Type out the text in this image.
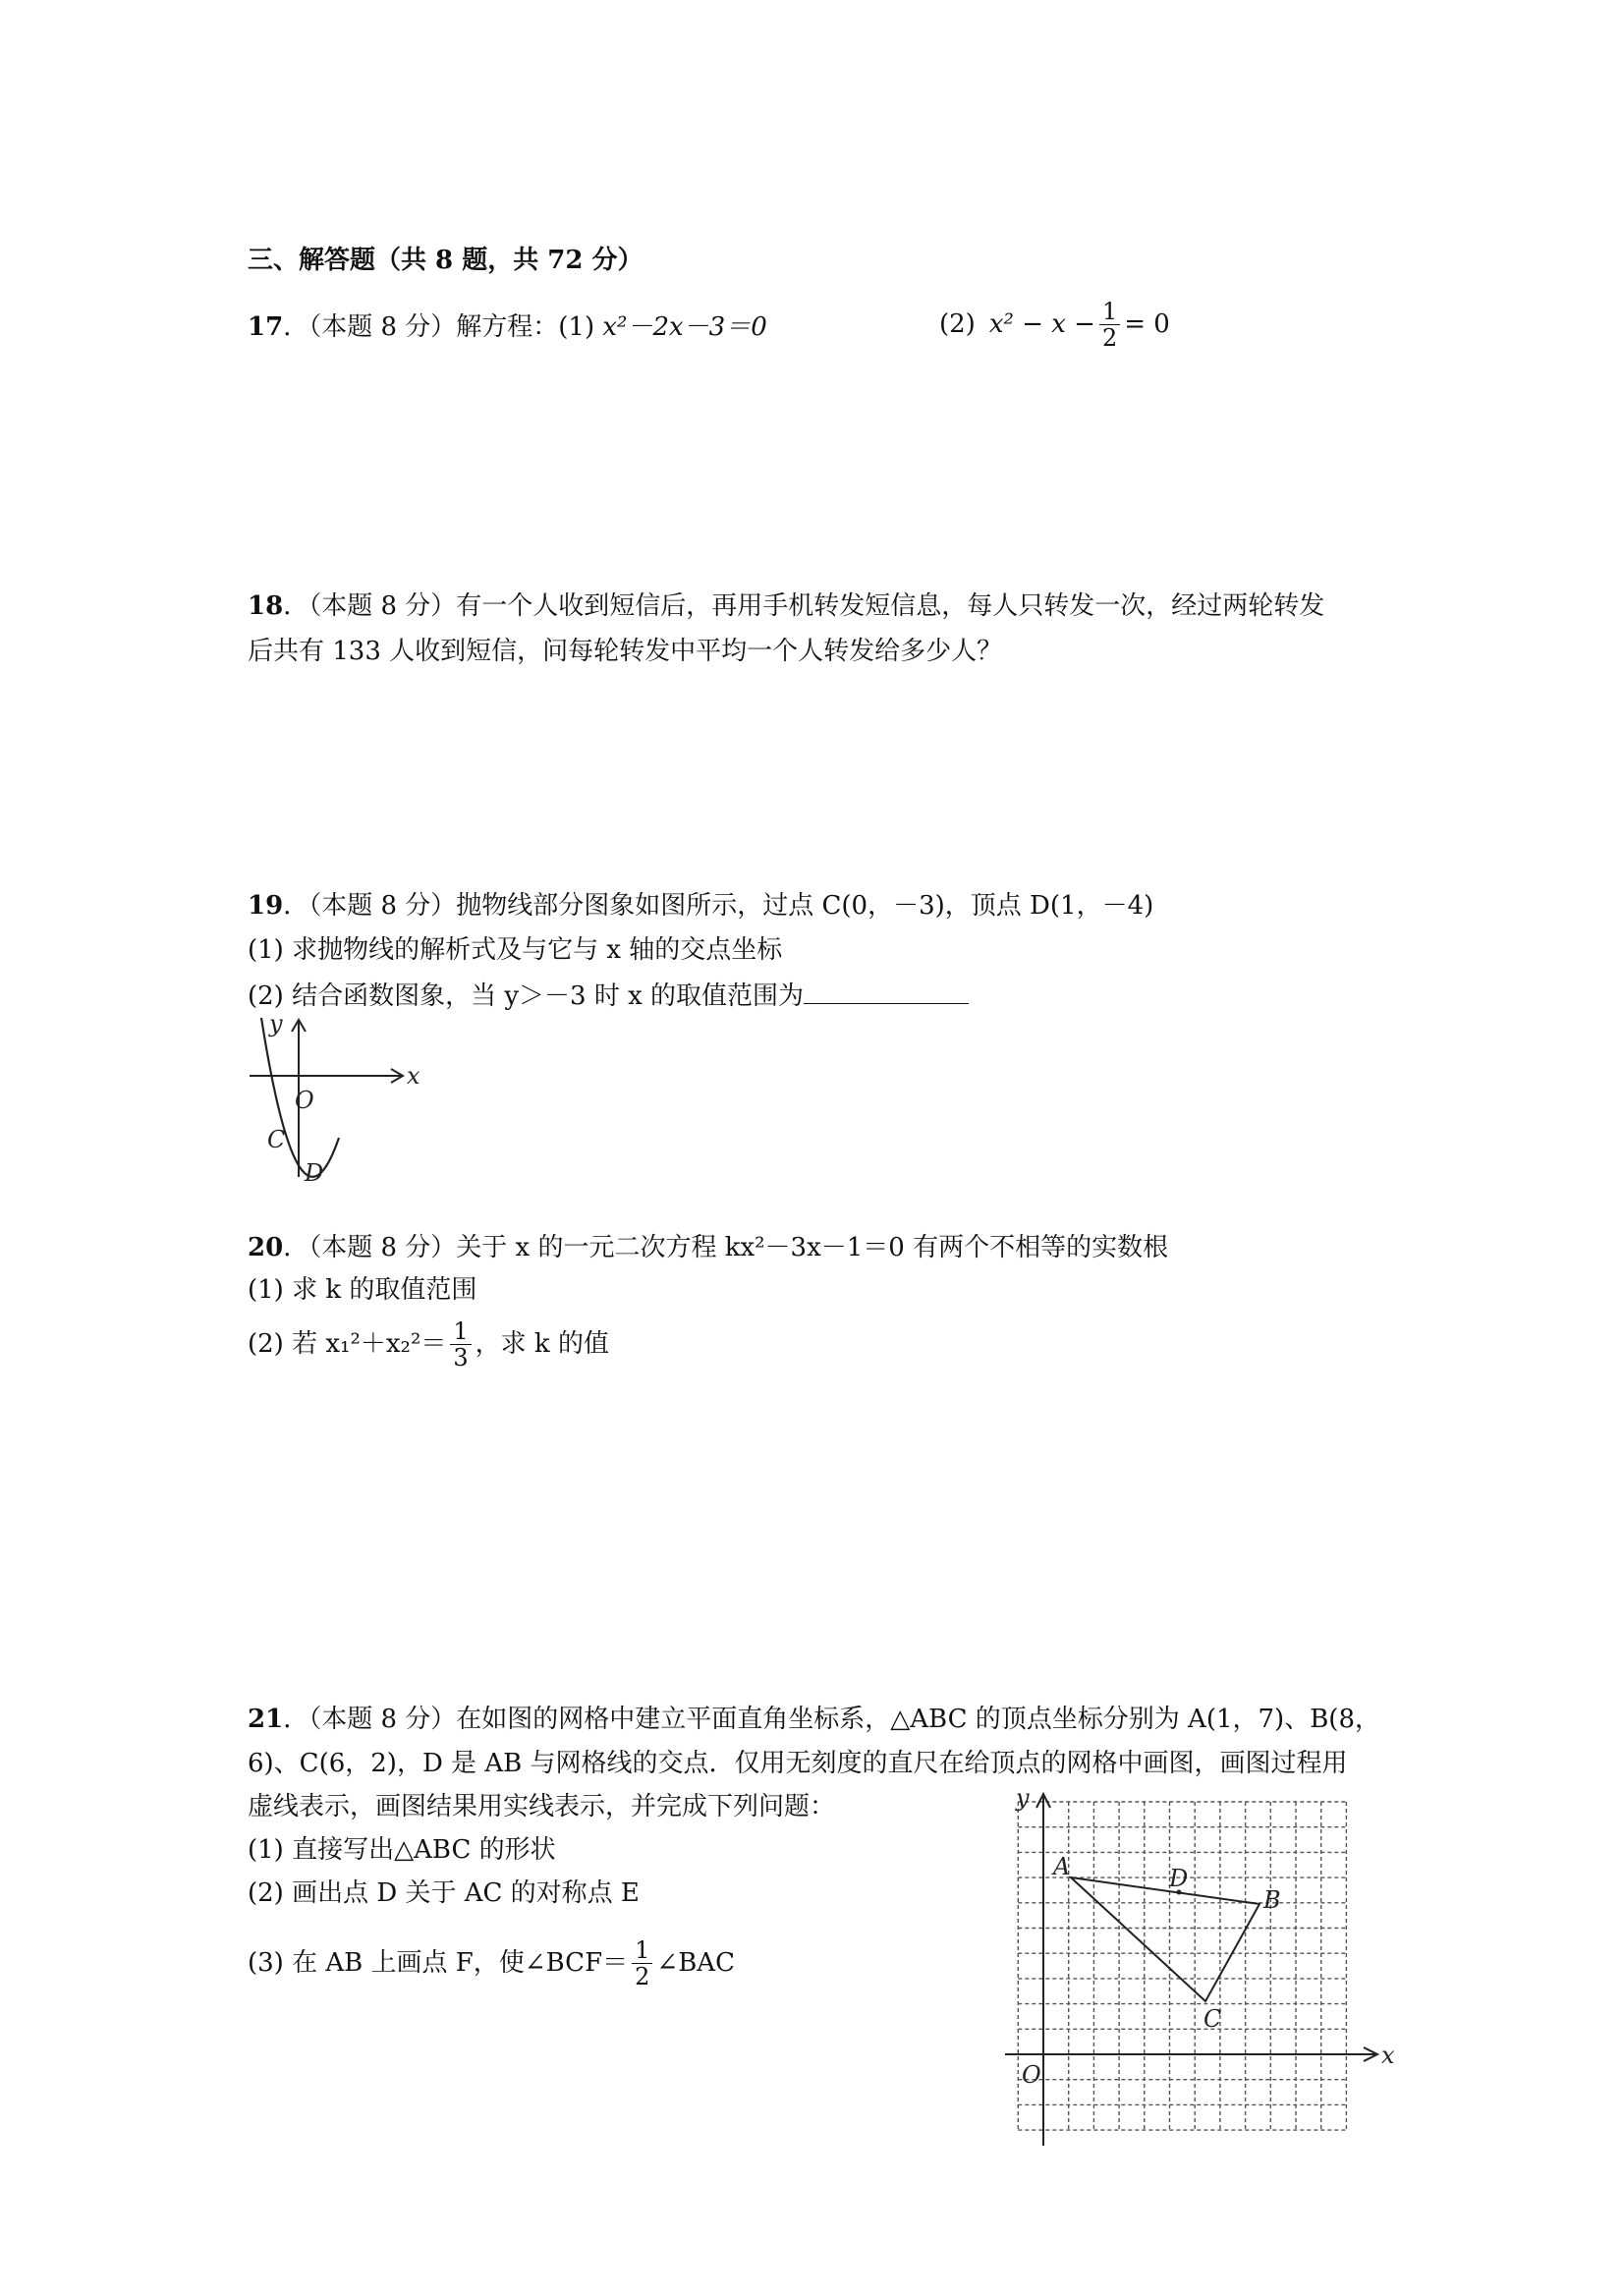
三、解答题（共 8 题，共 72 分）
17．（本题 8 分）解方程：(1) x²－2x－3＝0	(2) $x^2 - x - \frac{1}{2} = 0$
18．（本题 8 分）有一个人收到短信后，再用手机转发短信息，每人只转发一次，经过两轮转发
后共有 133 人收到短信，问每轮转发中平均一个人转发给多少人？
19．（本题 8 分）抛物线部分图象如图所示，过点 C(0，－3)，顶点 D(1，－4)
(1) 求抛物线的解析式及与它与 x 轴的交点坐标
(2) 结合函数图象，当 y＞－3 时 x 的取值范围为
y
x
O
C
D
20．（本题 8 分）关于 x 的一元二次方程 kx²－3x－1＝0 有两个不相等的实数根
(1) 求 k 的取值范围
(2) 若 $x_1^2+x_2^2= \frac{1}{3}$ ，求 k 的值
21．（本题 8 分）在如图的网格中建立平面直角坐标系，△ABC 的顶点坐标分别为 A(1，7)、B(8，
6)、C(6，2)，D 是 AB 与网格线的交点．仅用无刻度的直尺在给顶点的网格中画图，画图过程用
虚线表示，画图结果用实线表示，并完成下列问题：
(1) 直接写出△ABC 的形状
(2) 画出点 D 关于 AC 的对称点 E
(3) 在 AB 上画点 F，使∠BCF＝ $\frac{1}{2}$ ∠BAC
y
x
O
A
B
C
D
